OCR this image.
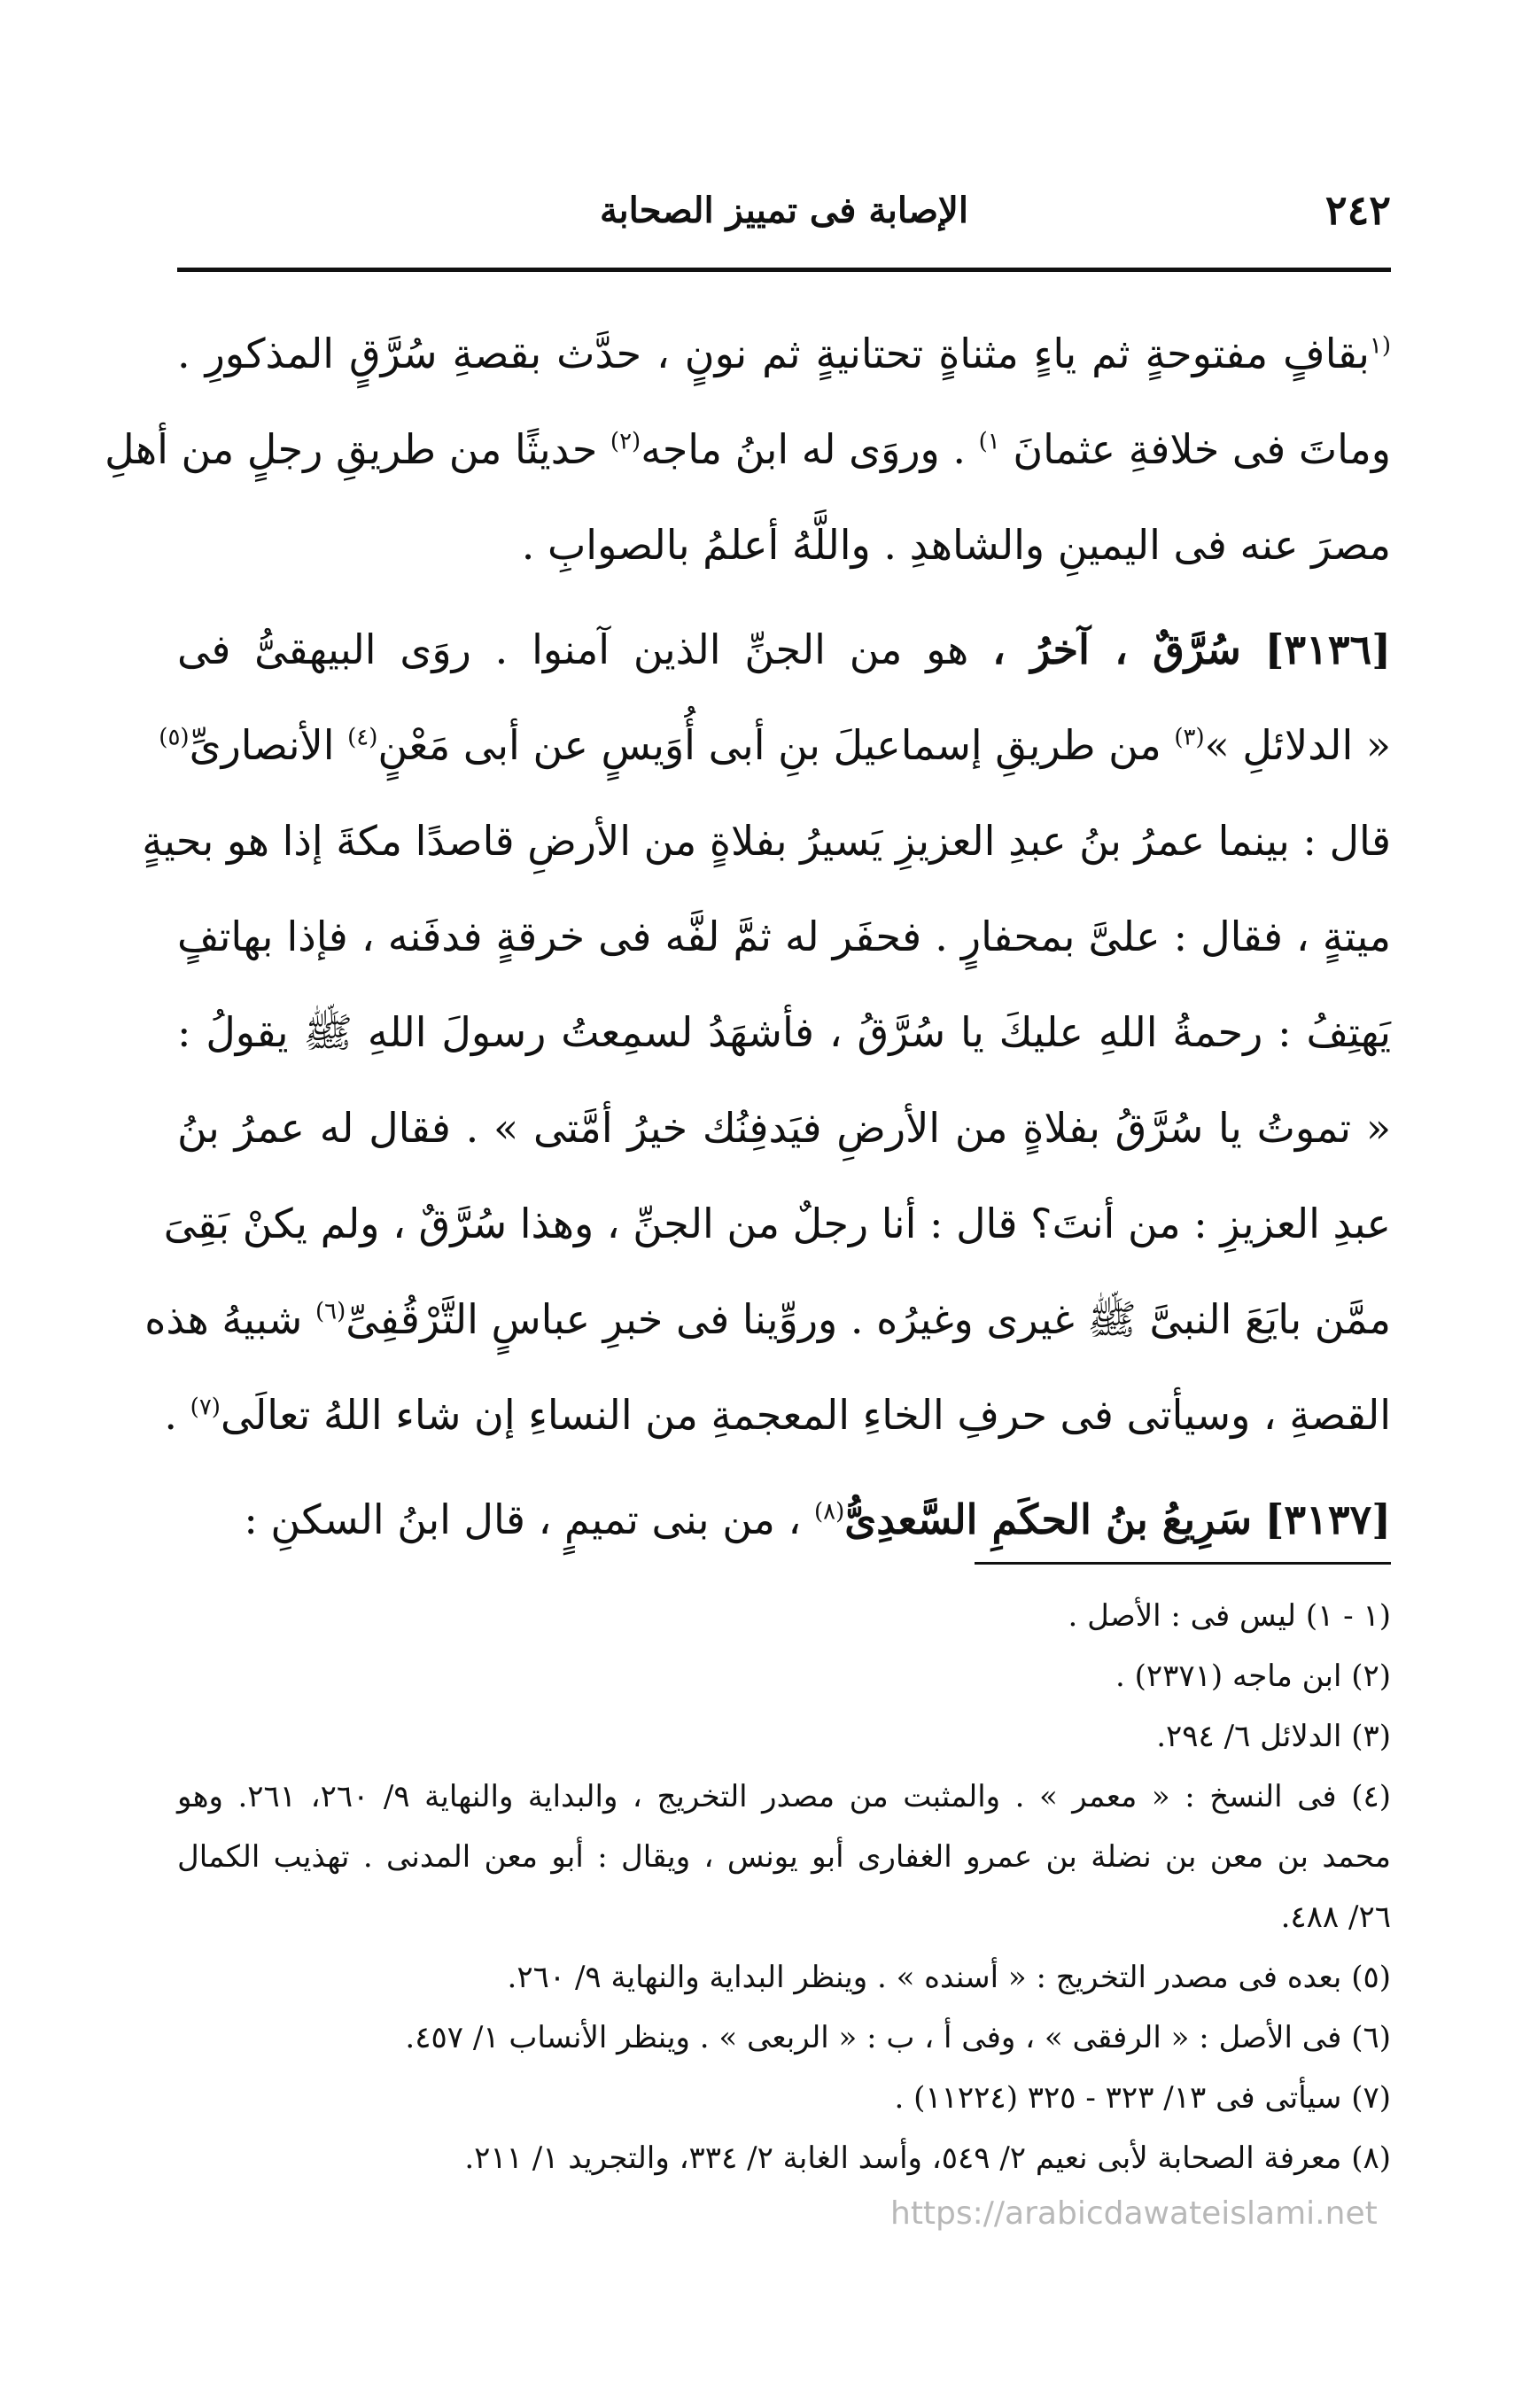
٢٤٢
الإصابة فى تمييز الصحابة
$^{(١}$بقافٍ مفتوحةٍ ثم ياءٍ مثناةٍ تحتانيةٍ ثم نونٍ ، حدَّث بقصةِ سُرَّقٍ المذكورِ .
وماتَ فى خلافةِ عثمانَ $^{١)}$ . وروَى له ابنُ ماجه$^{(٢)}$ حديثًا من طريقِ رجلٍ من أهلِ
مصرَ عنه فى اليمينِ والشاهدِ . واللَّهُ أعلمُ بالصوابِ .
[٣١٣٦] سُرَّقٌ ، آخرُ ، هو من الجنِّ الذين آمنوا . روَى البيهقىُّ فى
« الدلائلِ »$^{(٣)}$ من طريقِ إسماعيلَ بنِ أبى أُوَيسٍ عن أبى مَعْنٍ$^{(٤)}$ الأنصارىِّ$^{(٥)}$
قال : بينما عمرُ بنُ عبدِ العزيزِ يَسيرُ بفلاةٍ من الأرضِ قاصدًا مكةَ إذا هو بحيةٍ
ميتةٍ ، فقال : علىَّ بمحفارٍ . فحفَر له ثمَّ لفَّه فى خرقةٍ فدفَنه ، فإذا بهاتفٍ
يَهتِفُ : رحمةُ اللهِ عليكَ يا سُرَّقُ ، فأشهَدُ لسمِعتُ رسولَ اللهِ ﷺ يقولُ :
« تموتُ يا سُرَّقُ بفلاةٍ من الأرضِ فيَدفِنُك خيرُ أمَّتى » . فقال له عمرُ بنُ
عبدِ العزيزِ : من أنتَ؟ قال : أنا رجلٌ من الجنِّ ، وهذا سُرَّقٌ ، ولم يكنْ بَقِىَ
ممَّن بايَعَ النبىَّ ﷺ غيرى وغيرُه . وروِّينا فى خبرِ عباسٍ التَّرْقُفِىِّ$^{(٦)}$ شبيهُ هذه
القصةِ ، وسيأتى فى حرفِ الخاءِ المعجمةِ من النساءِ إن شاء اللهُ تعالَى$^{(٧)}$ .
[٣١٣٧] سَرِيعُ بنُ الحكَمِ السَّعدِىُّ$^{(٨)}$ ، من بنى تميمٍ ، قال ابنُ السكنِ :
(١ - ١) ليس فى : الأصل .
(٢) ابن ماجه (٢٣٧١) .
(٣) الدلائل ٦/ ٢٩٤.
(٤) فى النسخ : « معمر » . والمثبت من مصدر التخريج ، والبداية والنهاية ٩/ ٢٦٠، ٢٦١. وهو
محمد بن معن بن نضلة بن عمرو الغفارى أبو يونس ، ويقال : أبو معن المدنى . تهذيب الكمال
٢٦/ ٤٨٨.
(٥) بعده فى مصدر التخريج : « أسنده » . وينظر البداية والنهاية ٩/ ٢٦٠.
(٦) فى الأصل : « الرفقى » ، وفى أ ، ب : « الربعى » . وينظر الأنساب ١/ ٤٥٧.
(٧) سيأتى فى ١٣/ ٣٢٣ - ٣٢٥ (١١٢٢٤) .
(٨) معرفة الصحابة لأبى نعيم ٢/ ٥٤٩، وأسد الغابة ٢/ ٣٣٤، والتجريد ١/ ٢١١.
https://arabicdawateislami.net
